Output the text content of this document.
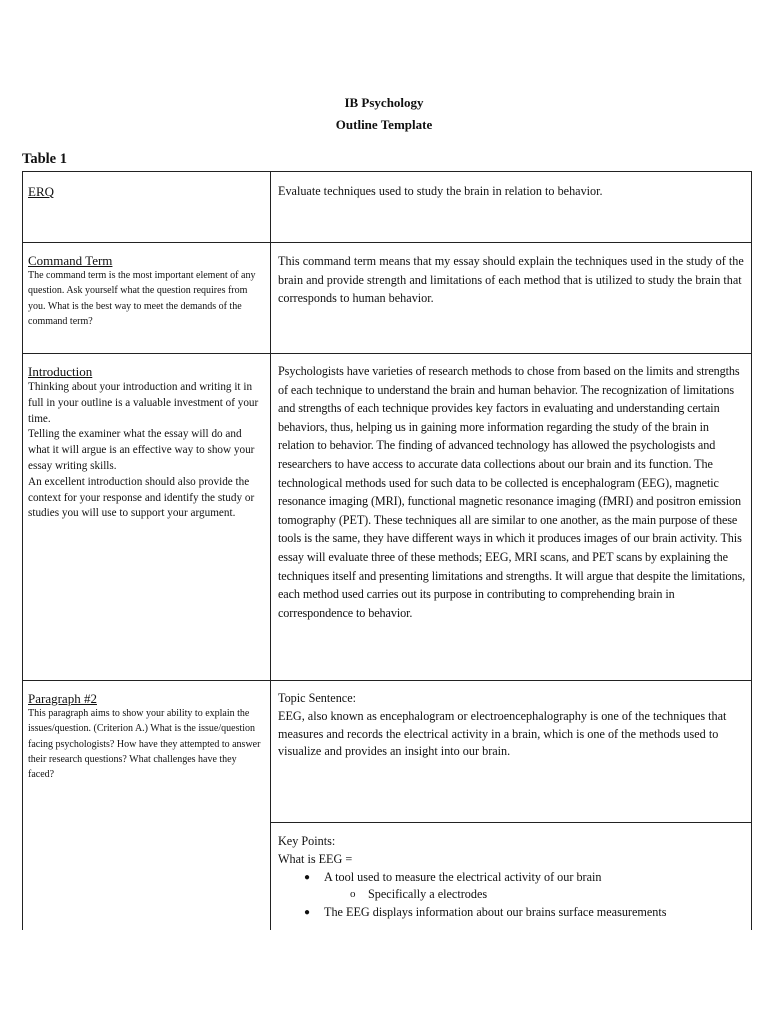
IB Psychology
Outline Template
Table 1
ERQ	Evaluate techniques used to study the brain in relation to behavior.
Command Term
The command term is the most important element of any question. Ask yourself what the question requires from you. What is the best way to meet the demands of the command term?
This command term means that my essay should explain the techniques used in the study of the brain and provide strength and limitations of each method that is utilized to study the brain that corresponds to human behavior.
Introduction

Thinking about your introduction and writing it in full in your outline is a valuable investment of your time.

Telling the examiner what the essay will do and what it will argue is an effective way to show your essay writing skills.

An excellent introduction should also provide the context for your response and identify the study or studies you will use to support your argument.

Psychologists have varieties of research methods to chose from based on the limits and strengths of each technique to understand the brain and human behavior. The recognization of limitations and strengths of each technique provides key factors in evaluating and understanding certain behaviors, thus, helping us in gaining more information regarding the study of the brain in relation to behavior. The finding of advanced technology has allowed the psychologists and researchers to have access to accurate data collections about our brain and its function. The technological methods used for such data to be collected is encephalogram (EEG), magnetic resonance imaging (MRI), functional magnetic resonance imaging (fMRI) and positron emission tomography (PET). These techniques all are similar to one another, as the main purpose of these tools is the same, they have different ways in which it produces images of our brain activity. This essay will evaluate three of these methods; EEG, MRI scans, and PET scans by explaining the techniques itself and presenting limitations and strengths. It will argue that despite the limitations, each method used carries out its purpose in contributing to comprehending brain in correspondence to behavior.
Paragraph #2
This paragraph aims to show your ability to explain the issues/question. (Criterion A.) What is the issue/question facing psychologists? How have they attempted to answer their research questions? What challenges have they faced?
Topic Sentence:
EEG, also known as encephalogram or electroencephalography is one of the techniques that measures and records the electrical activity in a brain, which is one of the methods used to visualize and provides an insight into our brain.
Key Points:
What is EEG =
● A tool used to measure the electrical activity of our brain
o Specifically a electrodes
● The EEG displays information about our brains surface measurements
